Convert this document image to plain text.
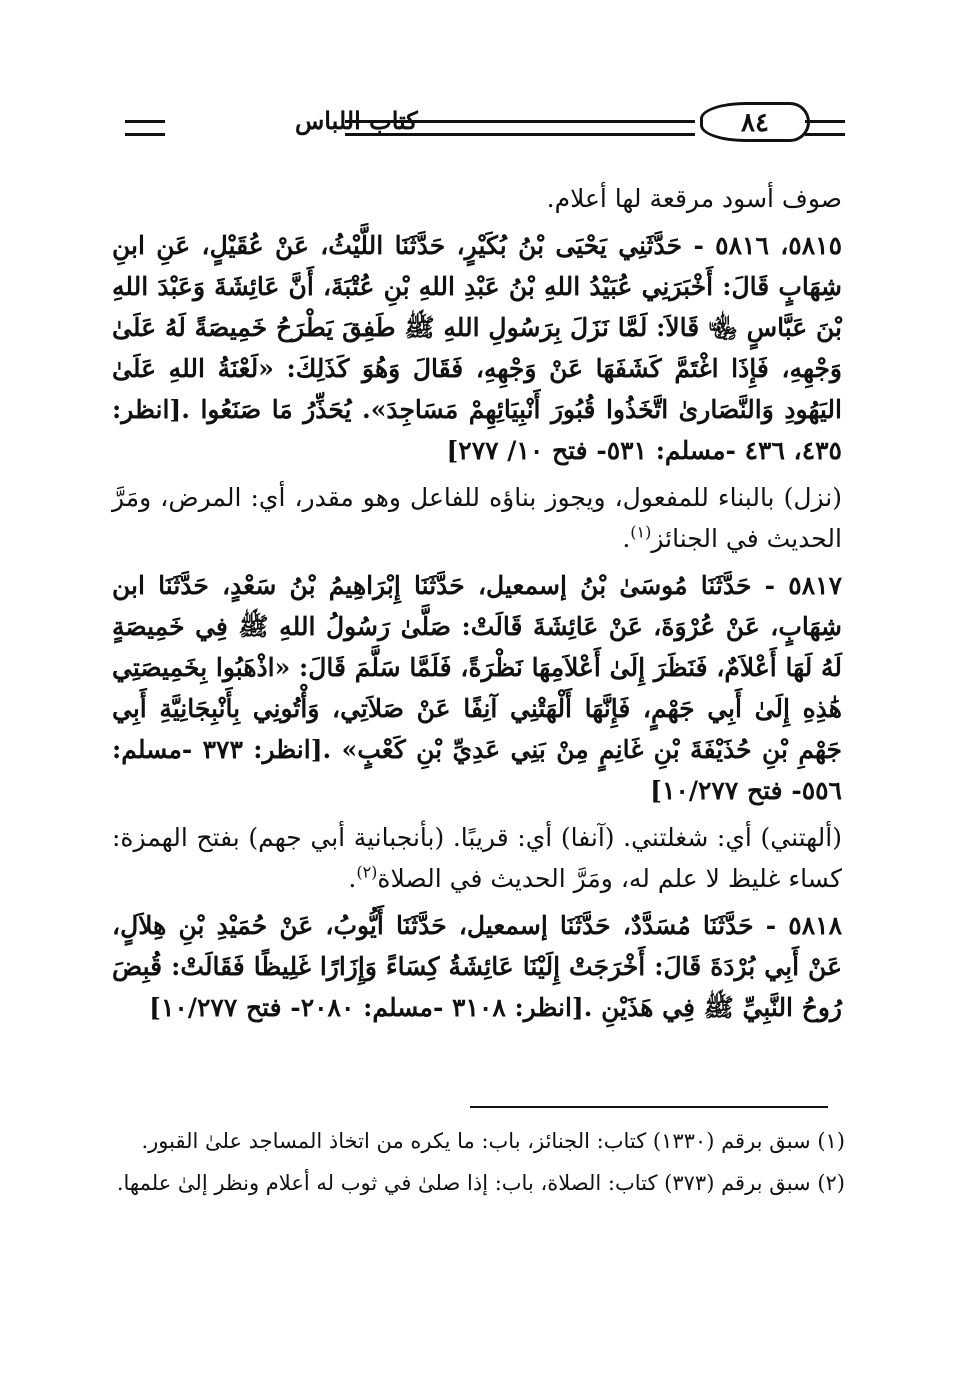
كتاب اللباس	٨٤

صوف أسود مرقعة لها أعلام.

٥٨١٥، ٥٨١٦ - حَدَّثَنِي يَحْيَى بْنُ بُكَيْرٍ، حَدَّثَنَا اللَّيْثُ، عَنْ عُقَيْلٍ، عَنِ ابنِ شِهَابٍ قَالَ: أَخْبَرَنِي عُبَيْدُ اللهِ بْنُ عَبْدِ اللهِ بْنِ عُتْبَةَ، أَنَّ عَائِشَةَ وَعَبْدَ اللهِ بْنَ عَبَّاسٍ ﵄ قَالاَ: لَمَّا نَزَلَ بِرَسُولِ اللهِ ﷺ طَفِقَ يَطْرَحُ خَمِيصَةً لَهُ عَلَىٰ وَجْهِهِ، فَإِذَا اغْتَمَّ كَشَفَهَا عَنْ وَجْهِهِ، فَقَالَ وَهُوَ كَذَلِكَ: «لَعْنَةُ اللهِ عَلَىٰ اليَهُودِ وَالنَّصَارىٰ اتَّخَذُوا قُبُورَ أَنْبِيَائِهِمْ مَسَاجِدَ». يُحَذِّرُ مَا صَنَعُوا .[انظر: ٤٣٥، ٤٣٦ -مسلم: ٥٣١- فتح ١٠/ ٢٧٧]

(نزل) بالبناء للمفعول، ويجوز بناؤه للفاعل وهو مقدر، أي: المرض، ومَرَّ الحديث في الجنائز$^{(١)}$.

٥٨١٧ - حَدَّثَنَا مُوسَىٰ بْنُ إسمعيل، حَدَّثَنَا إِبْرَاهِيمُ بْنُ سَعْدٍ، حَدَّثَنَا ابن شِهَابٍ، عَنْ عُرْوَةَ، عَنْ عَائِشَةَ قَالَتْ: صَلَّىٰ رَسُولُ اللهِ ﷺ فِي خَمِيصَةٍ لَهُ لَهَا أَعْلاَمٌ، فَنَظَرَ إِلَىٰ أَعْلاَمِهَا نَظْرَةً، فَلَمَّا سَلَّمَ قَالَ: «اذْهَبُوا بِخَمِيصَتِي هَٰذِهِ إِلَىٰ أَبِي جَهْمٍ، فَإِنَّهَا أَلْهَتْنِي آنِفًا عَنْ صَلاَتِي، وَأْتُونِي بِأَنْبِجَانِيَّةِ أَبِي جَهْمِ بْنِ حُذَيْفَةَ بْنِ غَانِمٍ مِنْ بَنِي عَدِيِّ بْنِ كَعْبٍ» .[انظر: ٣٧٣ -مسلم: ٥٥٦- فتح ١٠/٢٧٧]

(ألهتني) أي: شغلتني. (آنفا) أي: قريبًا. (بأنجبانية أبي جهم) بفتح الهمزة: كساء غليظ لا علم له، ومَرَّ الحديث في الصلاة$^{(٢)}$.

٥٨١٨ - حَدَّثَنَا مُسَدَّدٌ، حَدَّثَنَا إسمعيل، حَدَّثَنَا أَيُّوبُ، عَنْ حُمَيْدِ بْنِ هِلاَلٍ، عَنْ أَبِي بُرْدَةَ قَالَ: أَخْرَجَتْ إِلَيْنَا عَائِشَةُ كِسَاءً وَإِزَارًا غَلِيظًا فَقَالَتْ: قُبِضَ رُوحُ النَّبِيِّ ﷺ فِي هَذَيْنِ .[انظر: ٣١٠٨ -مسلم: ٢٠٨٠- فتح ١٠/٢٧٧]

(١) سبق برقم (١٣٣٠) كتاب: الجنائز، باب: ما يكره من اتخاذ المساجد علىٰ القبور.

(٢) سبق برقم (٣٧٣) كتاب: الصلاة، باب: إذا صلىٰ في ثوب له أعلام ونظر إلىٰ علمها.
